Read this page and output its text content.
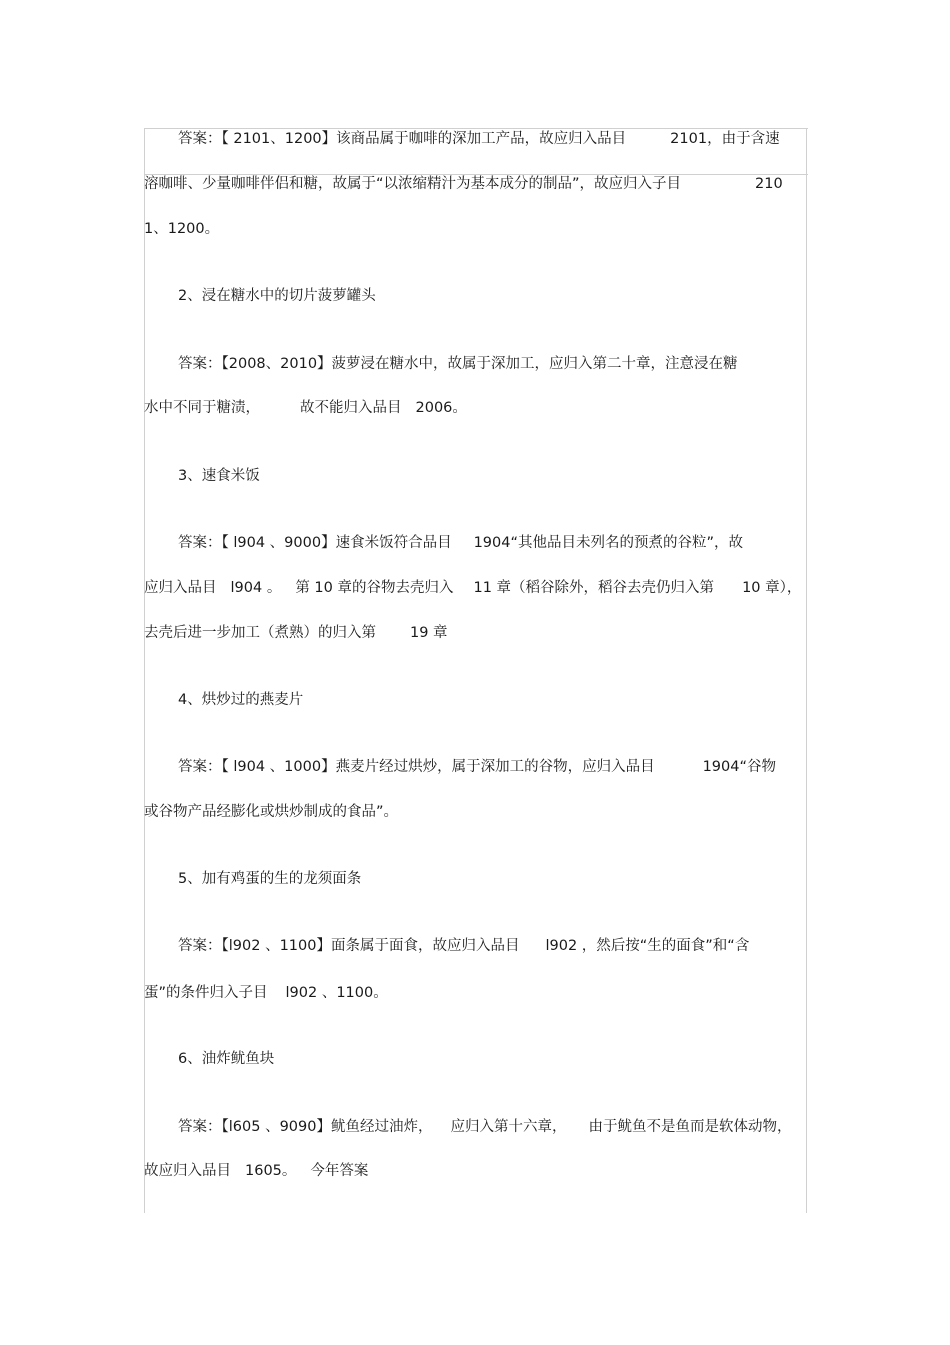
答案：【 2101、1200】该商品属于咖啡的深加工产品，故应归入品目	2101，由于含速
溶咖啡、少量咖啡伴侣和糖，故属于“以浓缩精汁为基本成分的制品”，故应归入子目	210
1、1200。
2、浸在糖水中的切片菠萝罐头
答案：【2008、2010】菠萝浸在糖水中，故属于深加工，应归入第二十章，注意浸在糖
水中不同于糖渍，	故不能归入品目 2006。
3、速食米饭
答案：【 l904 、9000】速食米饭符合品目 1904“其他品目未列名的预煮的谷粒”，故
应归入品目 l904 。 第 10 章的谷物去壳归入 11 章（稻谷除外，稻谷去壳仍归入第 10 章），
去壳后进一步加工（煮熟）的归入第 19 章
4、烘炒过的燕麦片
答案：【 l904 、1000】燕麦片经过烘炒，属于深加工的谷物，应归入品目	1904“谷物
或谷物产品经膨化或烘炒制成的食品”。
5、加有鸡蛋的生的龙须面条
答案：【l902 、1100】面条属于面食，故应归入品目 l902 ，然后按“生的面食”和“含
蛋”的条件归入子目 l902 、1100。
6、油炸鱿鱼块
答案：【l605 、9090】鱿鱼经过油炸， 应归入第十六章， 由于鱿鱼不是鱼而是软体动物，
故应归入品目 1605。 今年答案
